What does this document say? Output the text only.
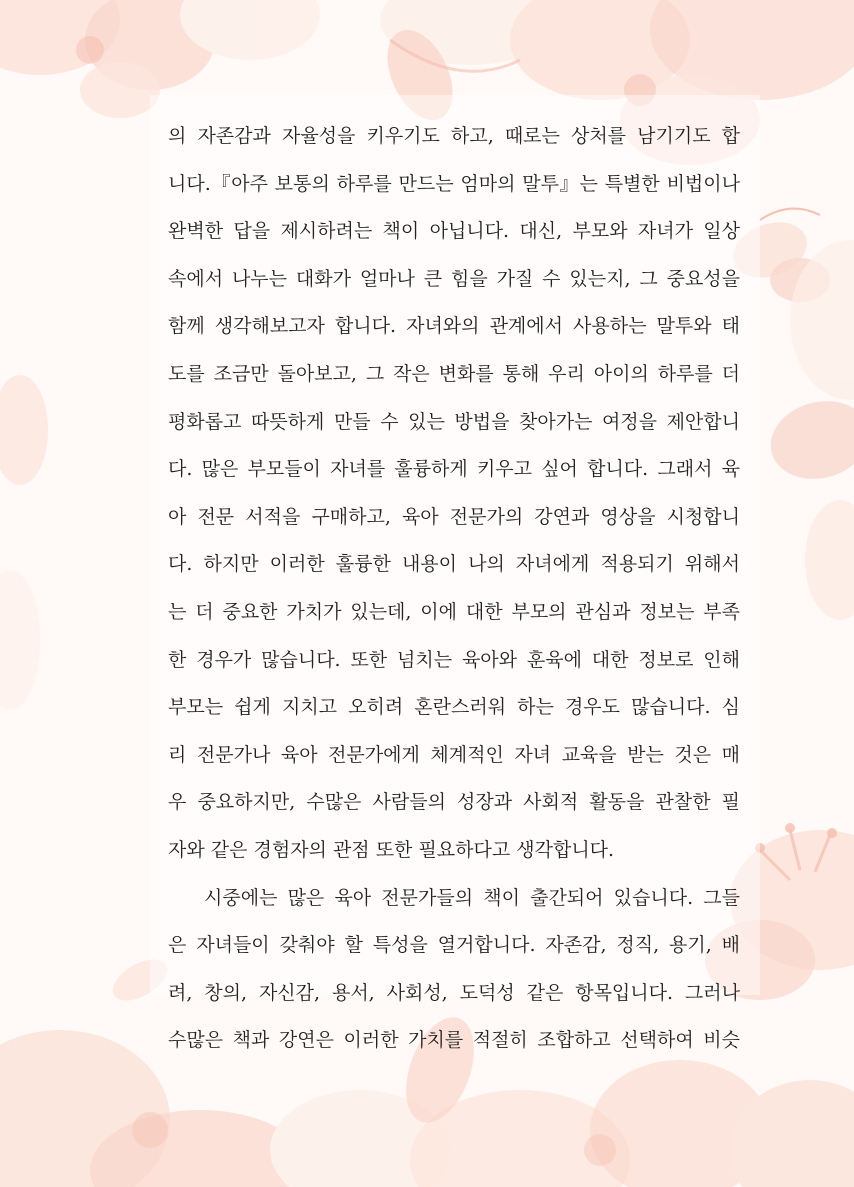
의 자존감과 자율성을 키우기도 하고, 때로는 상처를 남기기도 합
니다.『아주 보통의 하루를 만드는 엄마의 말투』는 특별한 비법이나
완벽한 답을 제시하려는 책이 아닙니다. 대신, 부모와 자녀가 일상
속에서 나누는 대화가 얼마나 큰 힘을 가질 수 있는지, 그 중요성을
함께 생각해보고자 합니다. 자녀와의 관계에서 사용하는 말투와 태
도를 조금만 돌아보고, 그 작은 변화를 통해 우리 아이의 하루를 더
평화롭고 따뜻하게 만들 수 있는 방법을 찾아가는 여정을 제안합니
다. 많은 부모들이 자녀를 훌륭하게 키우고 싶어 합니다. 그래서 육
아 전문 서적을 구매하고, 육아 전문가의 강연과 영상을 시청합니
다. 하지만 이러한 훌륭한 내용이 나의 자녀에게 적용되기 위해서
는 더 중요한 가치가 있는데, 이에 대한 부모의 관심과 정보는 부족
한 경우가 많습니다. 또한 넘치는 육아와 훈육에 대한 정보로 인해
부모는 쉽게 지치고 오히려 혼란스러워 하는 경우도 많습니다. 심
리 전문가나 육아 전문가에게 체계적인 자녀 교육을 받는 것은 매
우 중요하지만, 수많은 사람들의 성장과 사회적 활동을 관찰한 필
자와 같은 경험자의 관점 또한 필요하다고 생각합니다.
시중에는 많은 육아 전문가들의 책이 출간되어 있습니다. 그들
은 자녀들이 갖춰야 할 특성을 열거합니다. 자존감, 정직, 용기, 배
려, 창의, 자신감, 용서, 사회성, 도덕성 같은 항목입니다. 그러나
수많은 책과 강연은 이러한 가치를 적절히 조합하고 선택하여 비슷
